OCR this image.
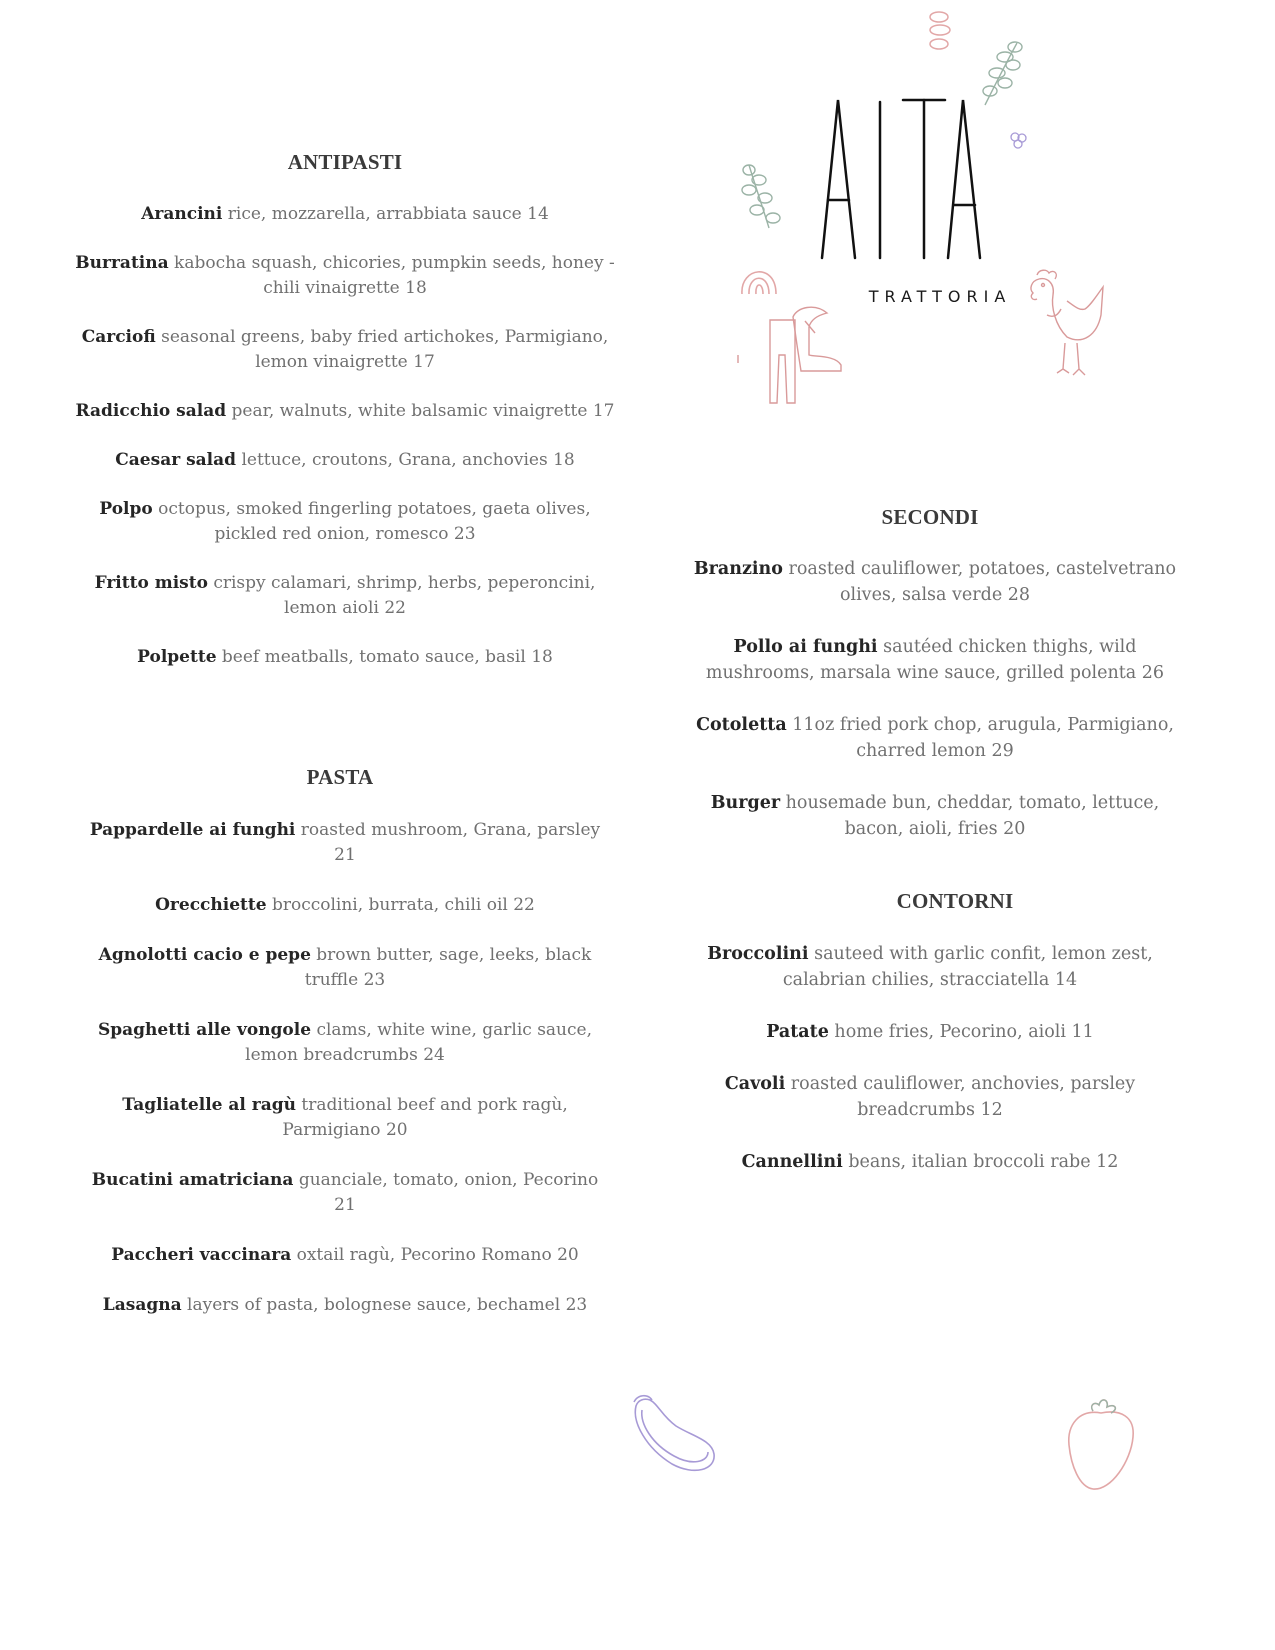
TRATTORIA

ANTIPASTI
Arancini rice, mozzarella, arrabbiata sauce 14
Burratina kabocha squash, chicories, pumpkin seeds, honey - chili vinaigrette 18
Carciofi seasonal greens, baby fried artichokes, Parmigiano, lemon vinaigrette 17
Radicchio salad pear, walnuts, white balsamic vinaigrette 17
Caesar salad lettuce, croutons, Grana, anchovies 18
Polpo octopus, smoked fingerling potatoes, gaeta olives, pickled red onion, romesco 23
Fritto misto crispy calamari, shrimp, herbs, peperoncini, lemon aioli 22
Polpette beef meatballs, tomato sauce, basil 18
PASTA
Pappardelle ai funghi roasted mushroom, Grana, parsley 21
Orecchiette broccolini, burrata, chili oil 22
Agnolotti cacio e pepe brown butter, sage, leeks, black truffle 23
Spaghetti alle vongole clams, white wine, garlic sauce, lemon breadcrumbs 24
Tagliatelle al ragù traditional beef and pork ragù, Parmigiano 20
Bucatini amatriciana guanciale, tomato, onion, Pecorino 21
Paccheri vaccinara oxtail ragù, Pecorino Romano 20
Lasagna layers of pasta, bolognese sauce, bechamel 23
SECONDI
Branzino roasted cauliflower, potatoes, castelvetrano olives, salsa verde 28
Pollo ai funghi sautéed chicken thighs, wild mushrooms, marsala wine sauce, grilled polenta 26
Cotoletta 11oz fried pork chop, arugula, Parmigiano, charred lemon 29
Burger housemade bun, cheddar, tomato, lettuce, bacon, aioli, fries 20
CONTORNI
Broccolini sauteed with garlic confit, lemon zest, calabrian chilies, stracciatella 14
Patate home fries, Pecorino, aioli 11
Cavoli roasted cauliflower, anchovies, parsley breadcrumbs 12
Cannellini beans, italian broccoli rabe 12
